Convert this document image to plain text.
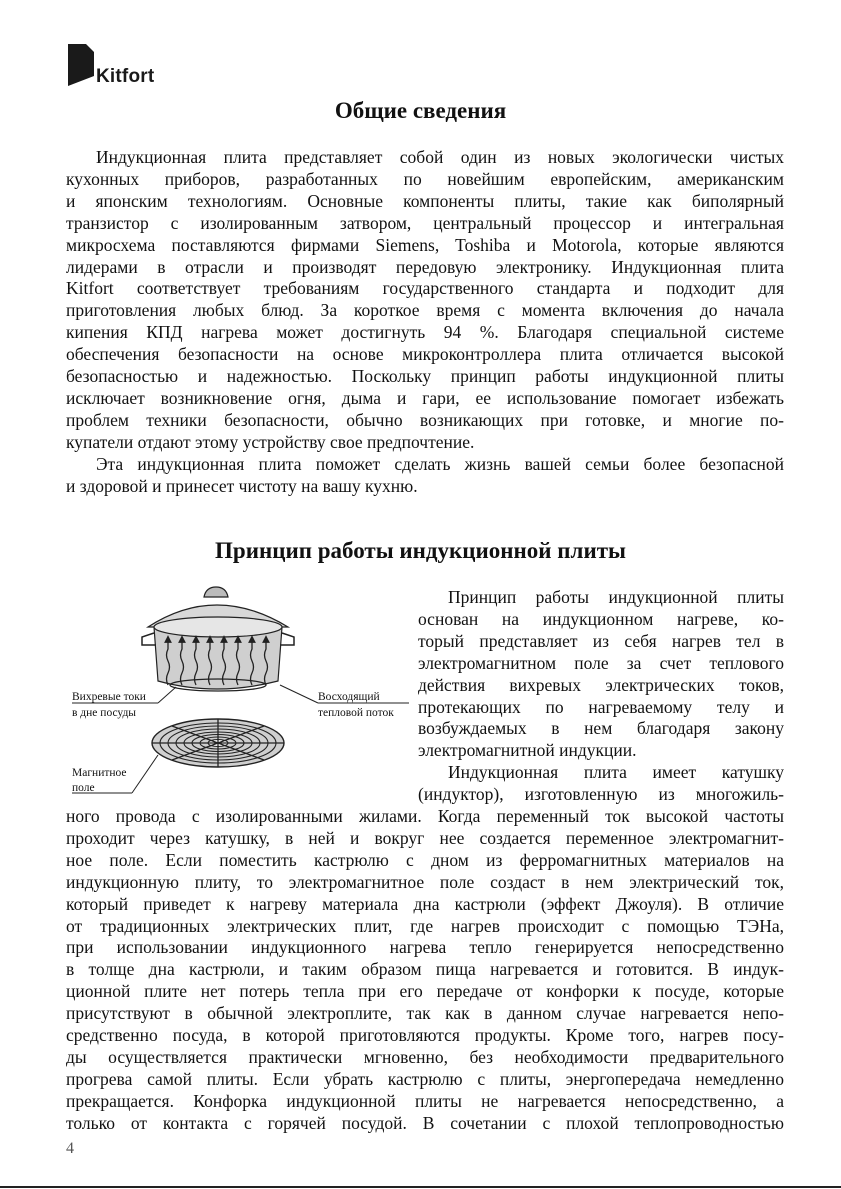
Kitfort
Общие сведения
Индукционная плита представляет собой один из новых экологически чистых
кухонных приборов, разработанных по новейшим европейским, американским
и японским технологиям. Основные компоненты плиты, такие как биполярный
транзистор с изолированным затвором, центральный процессор и интегральная
микросхема поставляются фирмами Siemens, Toshiba и Motorola, которые являются
лидерами в отрасли и производят передовую электронику. Индукционная плита
Kitfort соответствует требованиям государственного стандарта и подходит для
приготовления любых блюд. За короткое время с момента включения до начала
кипения КПД нагрева может достигнуть 94 %. Благодаря специальной системе
обеспечения безопасности на основе микроконтроллера плита отличается высокой
безопасностью и надежностью. Поскольку принцип работы индукционной плиты
исключает возникновение огня, дыма и гари, ее использование помогает избежать
проблем техники безопасности, обычно возникающих при готовке, и многие по-
купатели отдают этому устройству свое предпочтение.
Эта индукционная плита поможет сделать жизнь вашей семьи более безопасной
и здоровой и принесет чистоту на вашу кухню.
Принцип работы индукционной плиты
Вихревые токи
в дне посуды
Восходящий
тепловой поток
Магнитное
поле
Принцип работы индукционной плиты
основан на индукционном нагреве, ко-
торый представляет из себя нагрев тел в
электромагнитном поле за счет теплового
действия вихревых электрических токов,
протекающих по нагреваемому телу и
возбуждаемых в нем благодаря закону
электромагнитной индукции.
Индукционная плита имеет катушку
(индуктор), изготовленную из многожиль-
ного провода с изолированными жилами. Когда переменный ток высокой частоты
проходит через катушку, в ней и вокруг нее создается переменное электромагнит-
ное поле. Если поместить кастрюлю с дном из ферромагнитных материалов на
индукционную плиту, то электромагнитное поле создаст в нем электрический ток,
который приведет к нагреву материала дна кастрюли (эффект Джоуля). В отличие
от традиционных электрических плит, где нагрев происходит с помощью ТЭНа,
при использовании индукционного нагрева тепло генерируется непосредственно
в толще дна кастрюли, и таким образом пища нагревается и готовится. В индук-
ционной плите нет потерь тепла при его передаче от конфорки к посуде, которые
присутствуют в обычной электроплите, так как в данном случае нагревается непо-
средственно посуда, в которой приготовляются продукты. Кроме того, нагрев посу-
ды осуществляется практически мгновенно, без необходимости предварительного
прогрева самой плиты. Если убрать кастрюлю с плиты, энергопередача немедленно
прекращается. Конфорка индукционной плиты не нагревается непосредственно, а
только от контакта с горячей посудой. В сочетании с плохой теплопроводностью
4
